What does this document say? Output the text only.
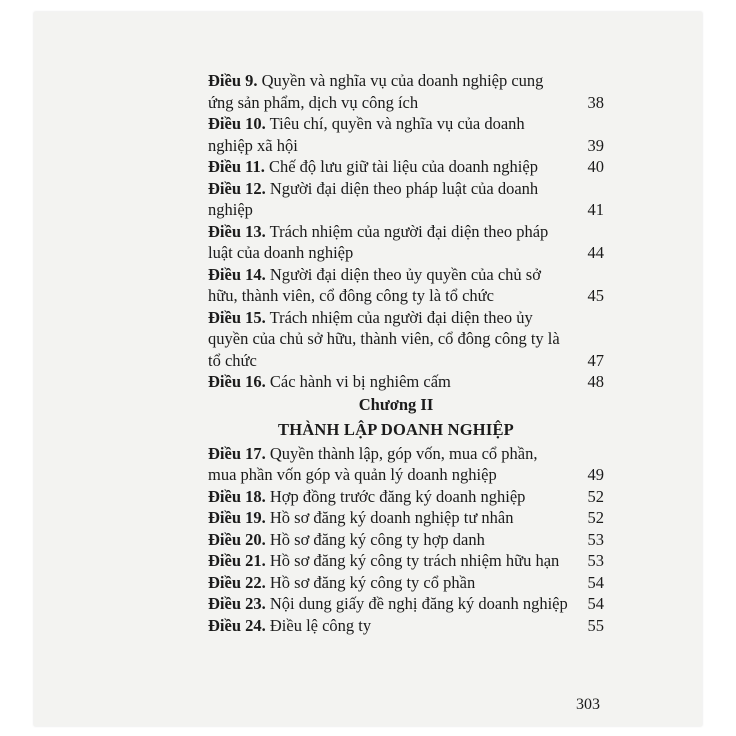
Điều 9. Quyền và nghĩa vụ của doanh nghiệp cung ứng sản phẩm, dịch vụ công ích	38
Điều 10. Tiêu chí, quyền và nghĩa vụ của doanh nghiệp xã hội	39
Điều 11. Chế độ lưu giữ tài liệu của doanh nghiệp	40
Điều 12. Người đại diện theo pháp luật của doanh nghiệp	41
Điều 13. Trách nhiệm của người đại diện theo pháp luật của doanh nghiệp	44
Điều 14. Người đại diện theo ủy quyền của chủ sở hữu, thành viên, cổ đông công ty là tổ chức	45
Điều 15. Trách nhiệm của người đại diện theo ủy quyền của chủ sở hữu, thành viên, cổ đông công ty là tổ chức	47
Điều 16. Các hành vi bị nghiêm cấm	48
Chương II
THÀNH LẬP DOANH NGHIỆP
Điều 17. Quyền thành lập, góp vốn, mua cổ phần, mua phần vốn góp và quản lý doanh nghiệp	49
Điều 18. Hợp đồng trước đăng ký doanh nghiệp	52
Điều 19. Hồ sơ đăng ký doanh nghiệp tư nhân	52
Điều 20. Hồ sơ đăng ký công ty hợp danh	53
Điều 21. Hồ sơ đăng ký công ty trách nhiệm hữu hạn	53
Điều 22. Hồ sơ đăng ký công ty cổ phần	54
Điều 23. Nội dung giấy đề nghị đăng ký doanh nghiệp	54
Điều 24. Điều lệ công ty	55
303
